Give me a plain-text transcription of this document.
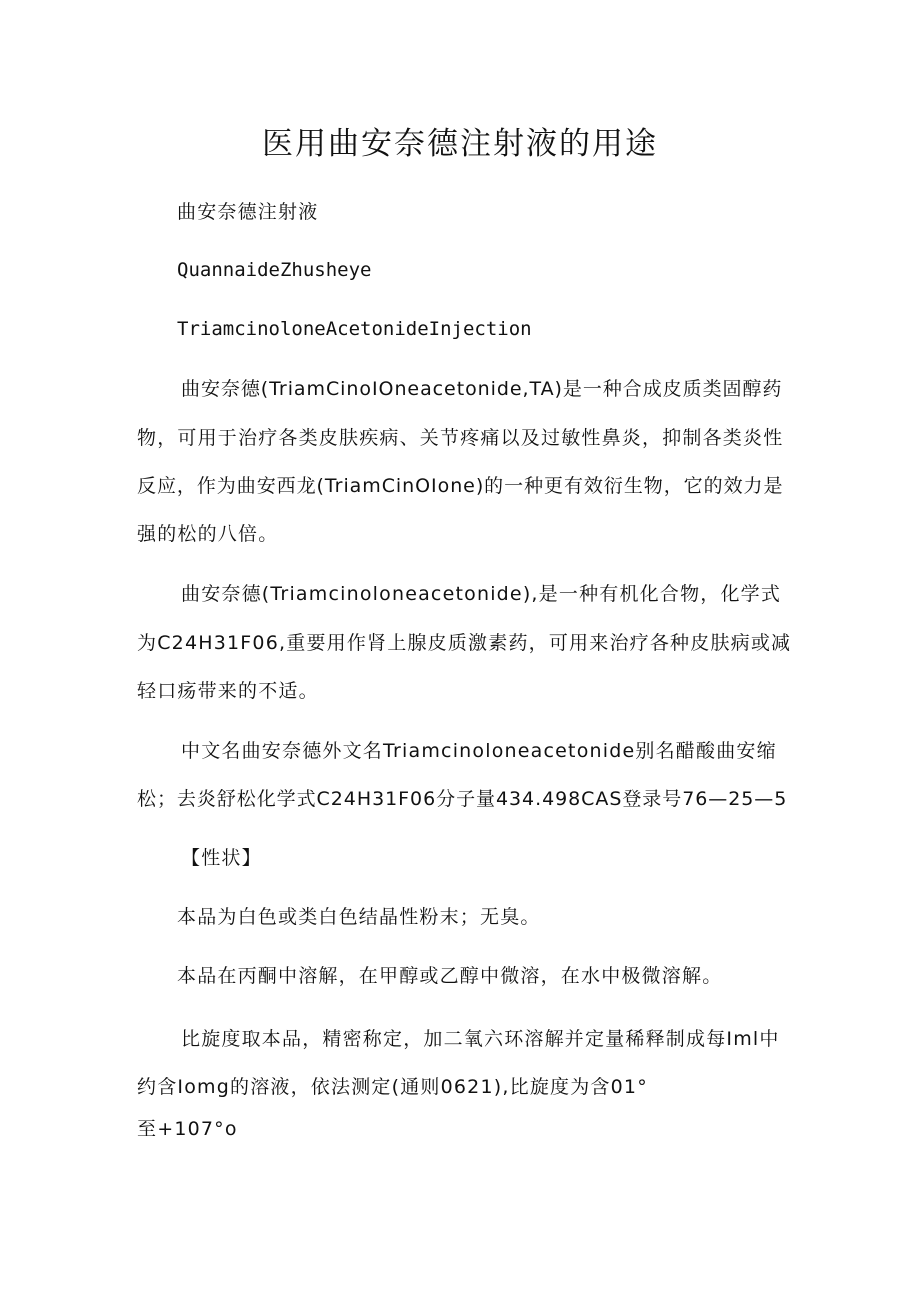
医用曲安奈德注射液的用途

曲安奈德注射液

QuannaideZhusheye

TriamcinoloneAcetonideInjection

曲安奈德(TriamCinoIOneacetonide,TA)是一种合成皮质类固醇药

物，可用于治疗各类皮肤疾病、关节疼痛以及过敏性鼻炎，抑制各类炎性

反应，作为曲安西龙(TriamCinOIone)的一种更有效衍生物，它的效力是

强的松的八倍。

曲安奈德(Triamcinoloneacetonide),是一种有机化合物，化学式

为C24H31F06,重要用作肾上腺皮质激素药，可用来治疗各种皮肤病或减

轻口疡带来的不适。

中文名曲安奈德外文名Triamcinoloneacetonide别名醋酸曲安缩

松；去炎舒松化学式C24H31F06分子量434.498CAS登录号76—25—5

【性状】

本品为白色或类白色结晶性粉末；无臭。

本品在丙酮中溶解，在甲醇或乙醇中微溶，在水中极微溶解。

比旋度取本品，精密称定，加二氧六环溶解并定量稀释制成每Iml中

约含Iomg的溶液，依法测定(通则0621),比旋度为含01°

至+107°o
